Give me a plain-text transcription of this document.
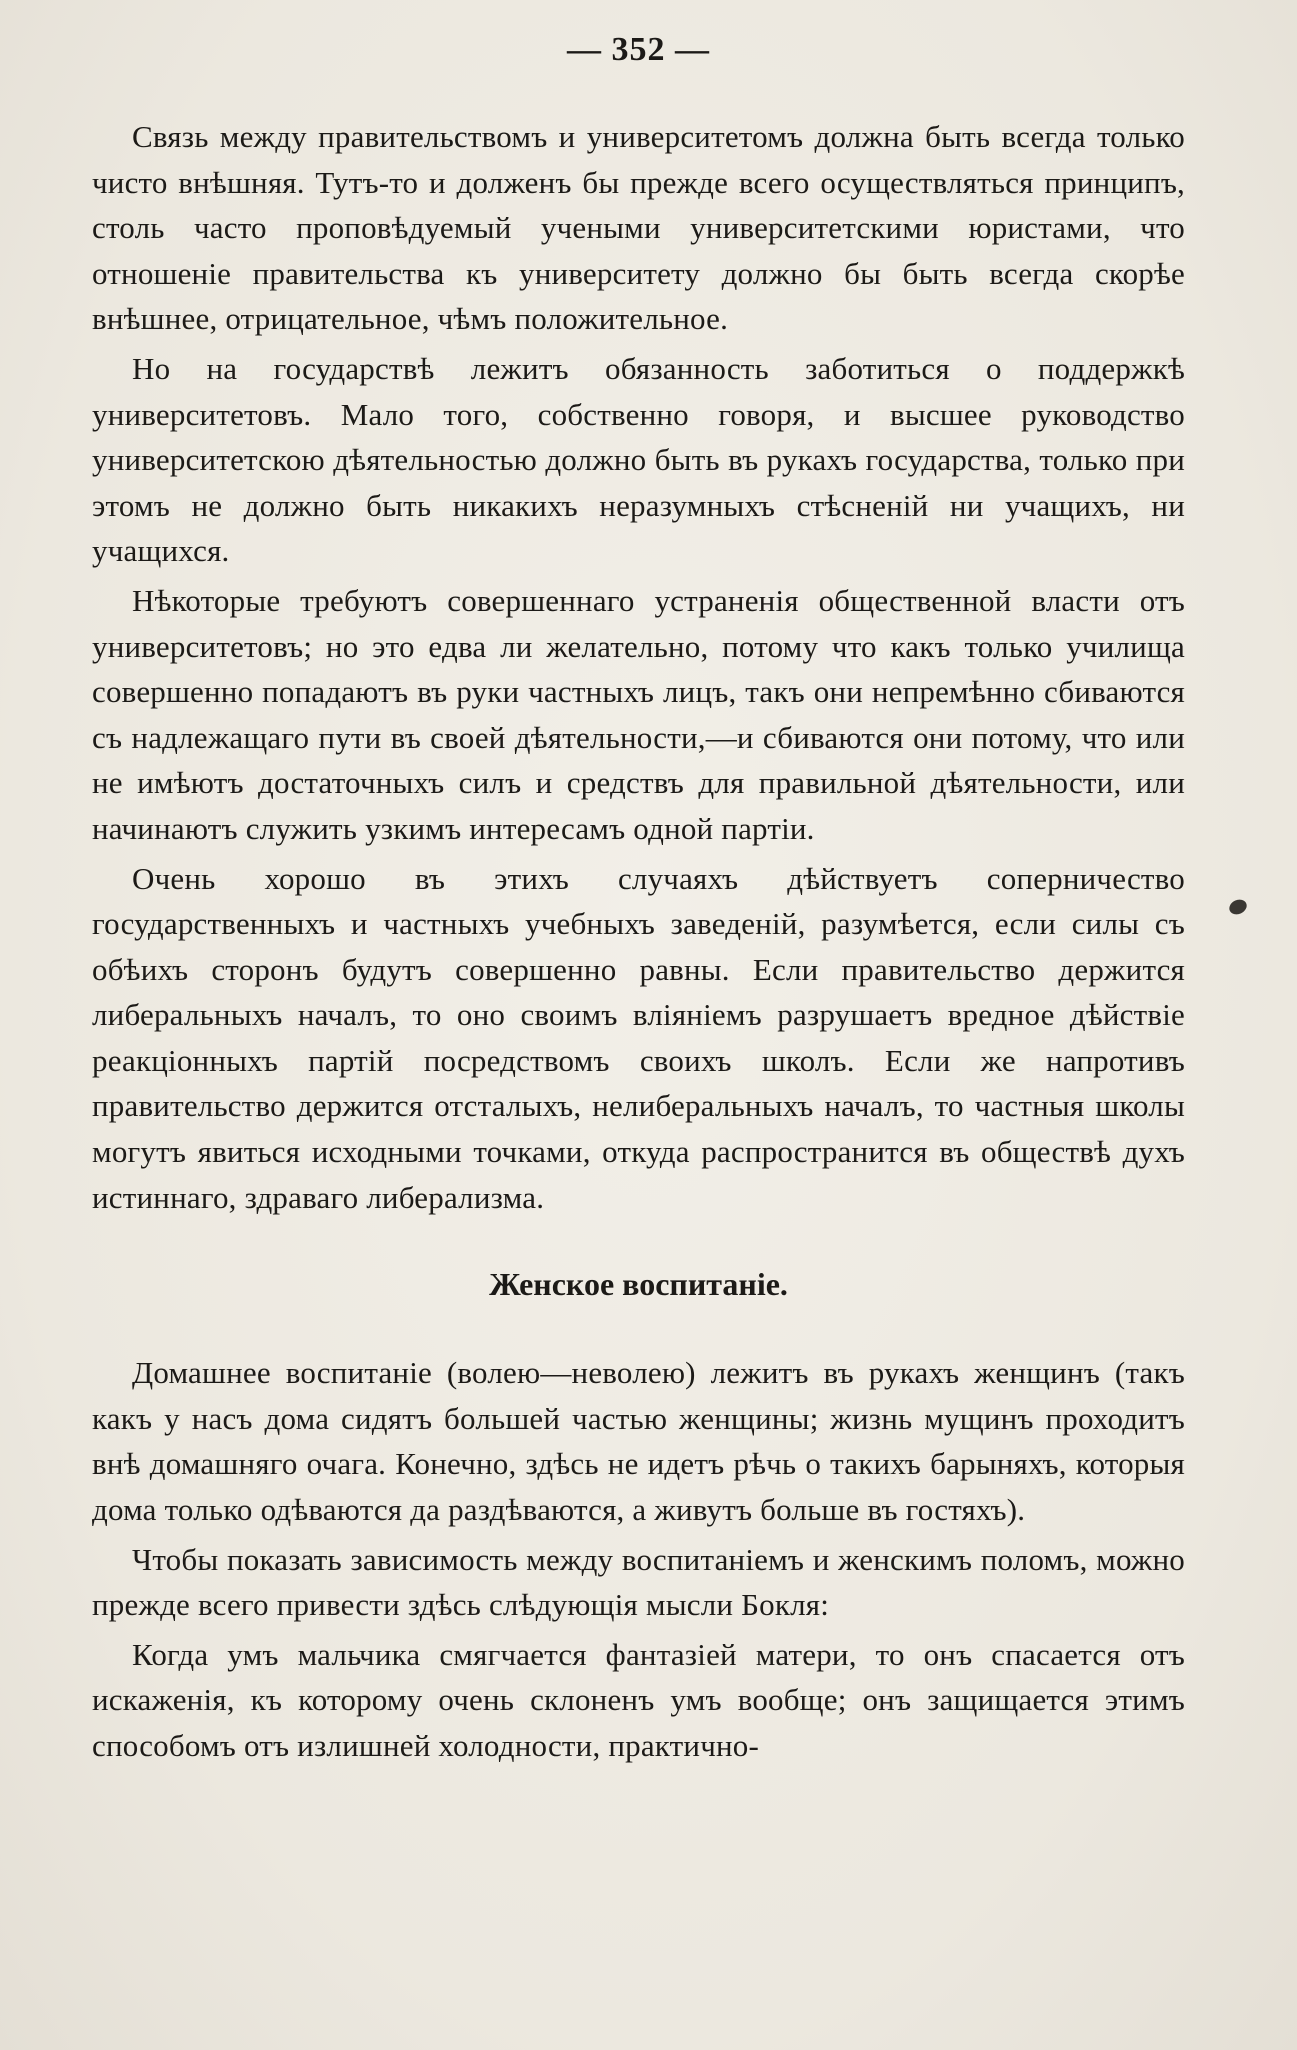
— 352 —

Связь между правительствомъ и университетомъ должна быть всегда только чисто внѣшняя. Тутъ-то и долженъ бы прежде всего осуществляться принципъ, столь часто проповѣдуемый учеными университетскими юристами, что отношеніе правительства къ университету должно бы быть всегда скорѣе внѣшнее, отрицательное, чѣмъ положительное.

Но на государствѣ лежитъ обязанность заботиться о поддержкѣ университетовъ. Мало того, собственно говоря, и высшее руководство университетскою дѣятельностью должно быть въ рукахъ государства, только при этомъ не должно быть никакихъ неразумныхъ стѣсненій ни учащихъ, ни учащихся.

Нѣкоторые требуютъ совершеннаго устраненія общественной власти отъ университетовъ; но это едва ли желательно, потому что какъ только училища совершенно попадаютъ въ руки частныхъ лицъ, такъ они непремѣнно сбиваются съ надлежащаго пути въ своей дѣятельности,—и сбиваются они потому, что или не имѣютъ достаточныхъ силъ и средствъ для правильной дѣятельности, или начинаютъ служить узкимъ интересамъ одной партіи.

Очень хорошо въ этихъ случаяхъ дѣйствуетъ соперничество государственныхъ и частныхъ учебныхъ заведеній, разумѣется, если силы съ обѣихъ сторонъ будутъ совершенно равны. Если правительство держится либеральныхъ началъ, то оно своимъ вліяніемъ разрушаетъ вредное дѣйствіе реакціонныхъ партій посредствомъ своихъ школъ. Если же напротивъ правительство держится отсталыхъ, нелиберальныхъ началъ, то частныя школы могутъ явиться исходными точками, откуда распространится въ обществѣ духъ истиннаго, здраваго либерализма.

Женское воспитаніе.

Домашнее воспитаніе (волею—неволею) лежитъ въ рукахъ женщинъ (такъ какъ у насъ дома сидятъ большей частью женщины; жизнь мущинъ проходитъ внѣ домашняго очага. Конечно, здѣсь не идетъ рѣчь о такихъ барыняхъ, которыя дома только одѣваются да раздѣваются, а живутъ больше въ гостяхъ).

Чтобы показать зависимость между воспитаніемъ и женскимъ поломъ, можно прежде всего привести здѣсь слѣдующія мысли Бокля:

Когда умъ мальчика смягчается фантазіей матери, то онъ спасается отъ искаженія, къ которому очень склоненъ умъ вообще; онъ защищается этимъ способомъ отъ излишней холодности, практично-
